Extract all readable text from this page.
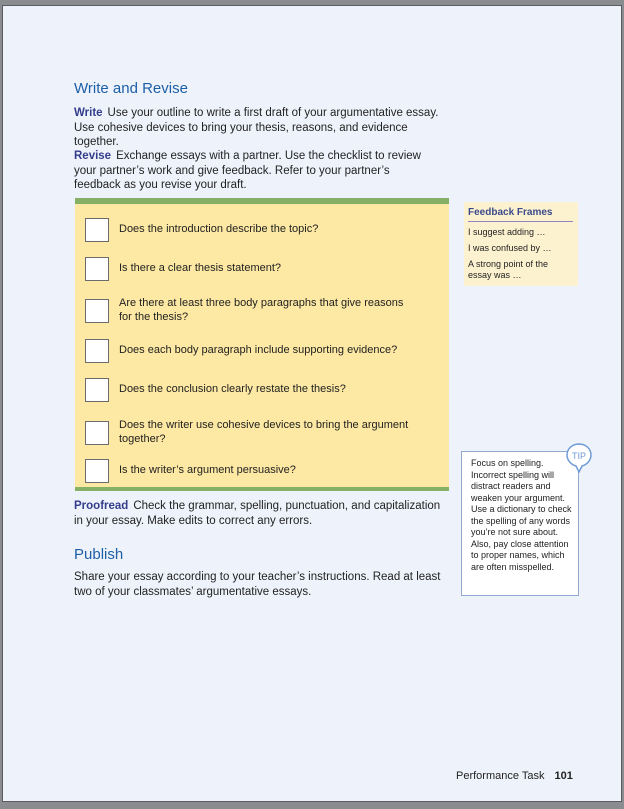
Write and Revise

Write Use your outline to write a first draft of your argumentative essay. Use cohesive devices to bring your thesis, reasons, and evidence together.

Revise Exchange essays with a partner. Use the checklist to review your partner’s work and give feedback. Refer to your partner’s feedback as you revise your draft.

Does the introduction describe the topic?
Is there a clear thesis statement?
Are there at least three body paragraphs that give reasons for the thesis?
Does each body paragraph include supporting evidence?
Does the conclusion clearly restate the thesis?
Does the writer use cohesive devices to bring the argument together?
Is the writer’s argument persuasive?
Feedback Frames
I suggest adding …
I was confused by …
A strong point of the essay was …

Proofread Check the grammar, spelling, punctuation, and capitalization in your essay. Make edits to correct any errors.

Publish

Share your essay according to your teacher’s instructions. Read at least two of your classmates’ argumentative essays.

Focus on spelling. Incorrect spelling will distract readers and weaken your argument. Use a dictionary to check the spelling of any words you’re not sure about. Also, pay close attention to proper names, which are often misspelled.
TIP
Performance Task 101
